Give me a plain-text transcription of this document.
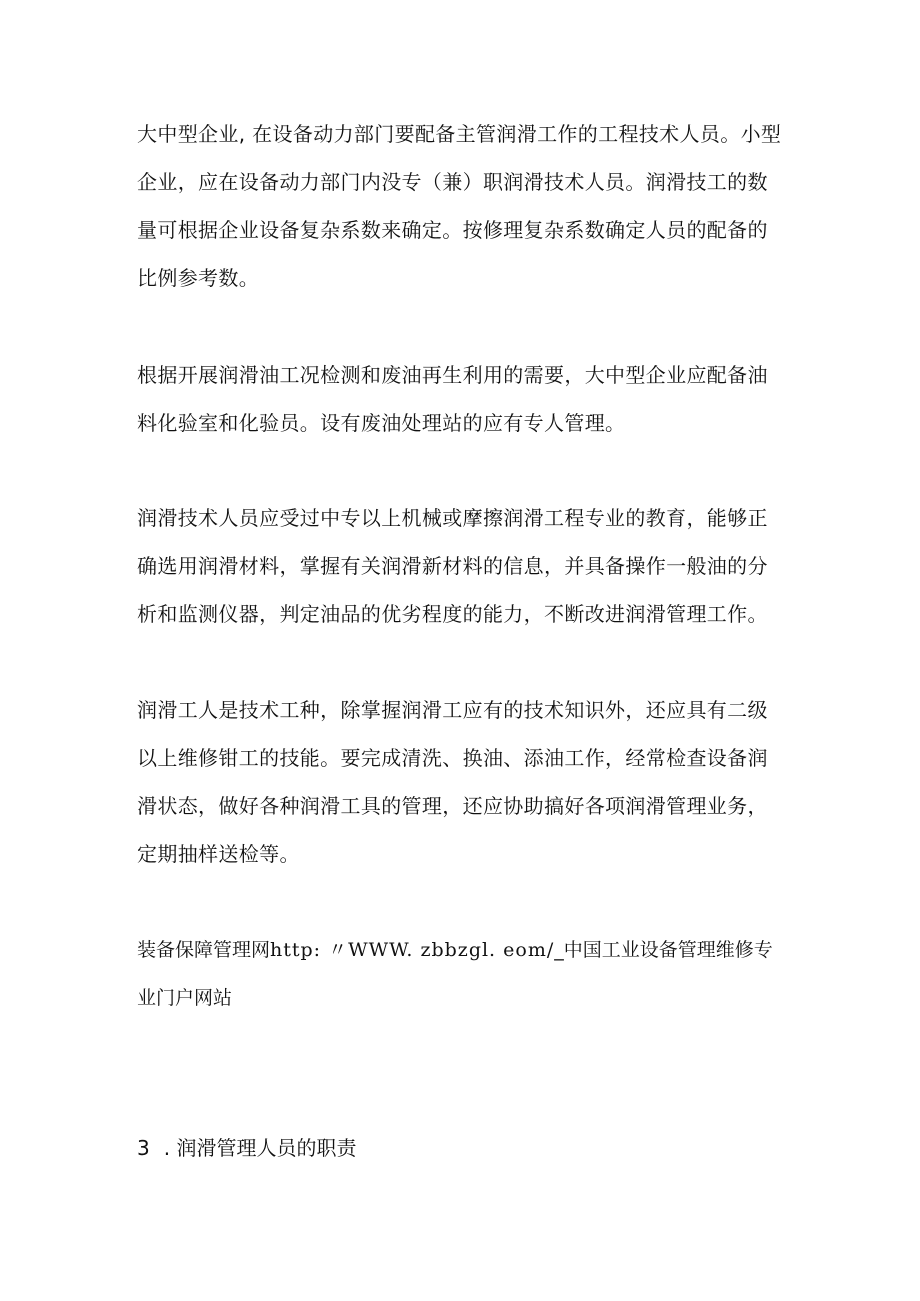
大中型企业, 在设备动力部门要配备主管润滑工作的工程技术人员。小型企业，应在设备动力部门内没专（兼）职润滑技术人员。润滑技工的数量可根据企业设备复杂系数来确定。按修理复杂系数确定人员的配备的比例参考数。

根据开展润滑油工况检测和废油再生利用的需要，大中型企业应配备油料化验室和化验员。设有废油处理站的应有专人管理。

润滑技术人员应受过中专以上机械或摩擦润滑工程专业的教育，能够正确选用润滑材料，掌握有关润滑新材料的信息，并具备操作一般油的分析和监测仪器，判定油品的优劣程度的能力，不断改进润滑管理工作。

润滑工人是技术工种，除掌握润滑工应有的技术知识外，还应具有二级以上维修钳工的技能。要完成清洗、换油、添油工作，经常检查设备润滑状态，做好各种润滑工具的管理，还应协助搞好各项润滑管理业务，定期抽样送检等。

装备保障管理网http: 〃WWW. zbbzgl. eom/_中国工业设备管理维修专业门户网站

3 . 润滑管理人员的职责
